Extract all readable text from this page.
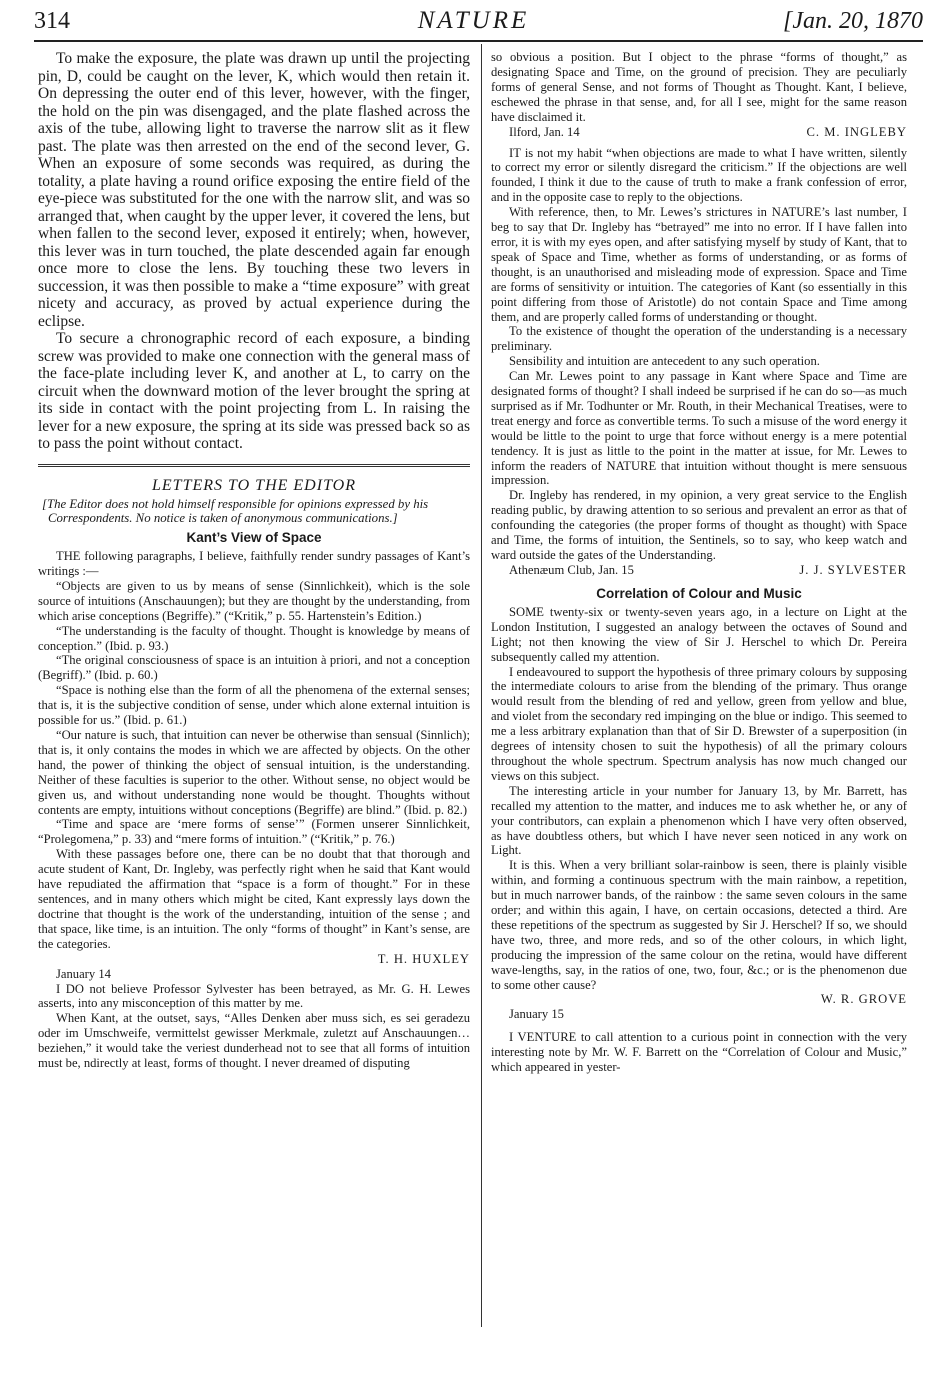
314	NATURE	[Jan. 20, 1870

To make the exposure, the plate was drawn up until the projecting pin, D, could be caught on the lever, K, which would then retain it. On depressing the outer end of this lever, however, with the finger, the hold on the pin was disengaged, and the plate flashed across the axis of the tube, allowing light to traverse the narrow slit as it flew past. The plate was then arrested on the end of the second lever, G. When an exposure of some seconds was required, as during the totality, a plate having a round orifice exposing the entire field of the eye-piece was substituted for the one with the narrow slit, and was so arranged that, when caught by the upper lever, it covered the lens, but when fallen to the second lever, exposed it entirely; when, however, this lever was in turn touched, the plate descended again far enough once more to close the lens. By touching these two levers in succession, it was then possible to make a “time exposure” with great nicety and accuracy, as proved by actual experience during the eclipse.

To secure a chronographic record of each exposure, a binding screw was provided to make one connection with the general mass of the face-plate including lever K, and another at L, to carry on the circuit when the downward motion of the lever brought the spring at its side in contact with the point projecting from L. In raising the lever for a new exposure, the spring at its side was pressed back so as to pass the point without contact.

LETTERS TO THE EDITOR
[The Editor does not hold himself responsible for opinions expressed by his Correspondents. No notice is taken of anonymous communications.]
Kant’s View of Space

THE following paragraphs, I believe, faithfully render sundry passages of Kant’s writings :—

“Objects are given to us by means of sense (Sinnlichkeit), which is the sole source of intuitions (Anschauungen); but they are thought by the understanding, from which arise conceptions (Begriffe).” (“Kritik,” p. 55. Hartenstein’s Edition.)

“The understanding is the faculty of thought. Thought is knowledge by means of conception.” (Ibid. p. 93.)

“The original consciousness of space is an intuition à priori, and not a conception (Begriff).” (Ibid. p. 60.)

“Space is nothing else than the form of all the phenomena of the external senses; that is, it is the subjective condition of sense, under which alone external intuition is possible for us.” (Ibid. p. 61.)

“Our nature is such, that intuition can never be otherwise than sensual (Sinnlich); that is, it only contains the modes in which we are affected by objects. On the other hand, the power of thinking the object of sensual intuition, is the understanding. Neither of these faculties is superior to the other. Without sense, no object would be given us, and without understanding none would be thought. Thoughts without contents are empty, intuitions without conceptions (Begriffe) are blind.” (Ibid. p. 82.)

“Time and space are ‘mere forms of sense’” (Formen unserer Sinnlichkeit, “Prolegomena,” p. 33) and “mere forms of intuition.” (“Kritik,” p. 76.)

With these passages before one, there can be no doubt that that thorough and acute student of Kant, Dr. Ingleby, was perfectly right when he said that Kant would have repudiated the affirmation that “space is a form of thought.” For in these sentences, and in many others which might be cited, Kant expressly lays down the doctrine that thought is the work of the understanding, intuition of the sense ; and that space, like time, is an intuition. The only “forms of thought” in Kant’s sense, are the categories.

T. H. HUXLEY
January 14

I DO not believe Professor Sylvester has been betrayed, as Mr. G. H. Lewes asserts, into any misconception of this matter by me.

When Kant, at the outset, says, “Alles Denken aber muss sich, es sei geradezu oder im Umschweife, vermittelst gewisser Merkmale, zuletzt auf Anschauungen…beziehen,” it would take the veriest dunderhead not to see that all forms of intuition must be, ndirectly at least, forms of thought. I never dreamed of disputing

so obvious a position. But I object to the phrase “forms of thought,” as designating Space and Time, on the ground of precision. They are peculiarly forms of general Sense, and not forms of Thought as Thought. Kant, I believe, eschewed the phrase in that sense, and, for all I see, might for the same reason have disclaimed it.

Ilford, Jan. 14	C. M. INGLEBY

IT is not my habit “when objections are made to what I have written, silently to correct my error or silently disregard the criticism.” If the objections are well founded, I think it due to the cause of truth to make a frank confession of error, and in the opposite case to reply to the objections.

With reference, then, to Mr. Lewes’s strictures in NATURE’s last number, I beg to say that Dr. Ingleby has “betrayed” me into no error. If I have fallen into error, it is with my eyes open, and after satisfying myself by study of Kant, that to speak of Space and Time, whether as forms of understanding, or as forms of thought, is an unauthorised and misleading mode of expression. Space and Time are forms of sensitivity or intuition. The categories of Kant (so essentially in this point differing from those of Aristotle) do not contain Space and Time among them, and are properly called forms of understanding or thought.

To the existence of thought the operation of the understanding is a necessary preliminary.

Sensibility and intuition are antecedent to any such operation.

Can Mr. Lewes point to any passage in Kant where Space and Time are designated forms of thought? I shall indeed be surprised if he can do so—as much surprised as if Mr. Todhunter or Mr. Routh, in their Mechanical Treatises, were to treat energy and force as convertible terms. To such a misuse of the word energy it would be little to the point to urge that force without energy is a mere potential tendency. It is just as little to the point in the matter at issue, for Mr. Lewes to inform the readers of NATURE that intuition without thought is mere sensuous impression.

Dr. Ingleby has rendered, in my opinion, a very great service to the English reading public, by drawing attention to so serious and prevalent an error as that of confounding the categories (the proper forms of thought as thought) with Space and Time, the forms of intuition, the Sentinels, so to say, who keep watch and ward outside the gates of the Understanding.

Athenæum Club, Jan. 15	J. J. SYLVESTER
Correlation of Colour and Music

SOME twenty-six or twenty-seven years ago, in a lecture on Light at the London Institution, I suggested an analogy between the octaves of Sound and Light; not then knowing the view of Sir J. Herschel to which Dr. Pereira subsequently called my attention.

I endeavoured to support the hypothesis of three primary colours by supposing the intermediate colours to arise from the blending of the primary. Thus orange would result from the blending of red and yellow, green from yellow and blue, and violet from the secondary red impinging on the blue or indigo. This seemed to me a less arbitrary explanation than that of Sir D. Brewster of a superposition (in degrees of intensity chosen to suit the hypothesis) of all the primary colours throughout the whole spectrum. Spectrum analysis has now much changed our views on this subject.

The interesting article in your number for January 13, by Mr. Barrett, has recalled my attention to the matter, and induces me to ask whether he, or any of your contributors, can explain a phenomenon which I have very often observed, as have doubtless others, but which I have never seen noticed in any work on Light.

It is this. When a very brilliant solar-rainbow is seen, there is plainly visible within, and forming a continuous spectrum with the main rainbow, a repetition, but in much narrower bands, of the rainbow : the same seven colours in the same order; and within this again, I have, on certain occasions, detected a third. Are these repetitions of the spectrum as suggested by Sir J. Herschel? If so, we should have two, three, and more reds, and so of the other colours, in which light, producing the impression of the same colour on the retina, would have different wave-lengths, say, in the ratios of one, two, four, &c.; or is the phenomenon due to some other cause?

W. R. GROVE
January 15

I VENTURE to call attention to a curious point in connection with the very interesting note by Mr. W. F. Barrett on the “Correlation of Colour and Music,” which appeared in yester-
